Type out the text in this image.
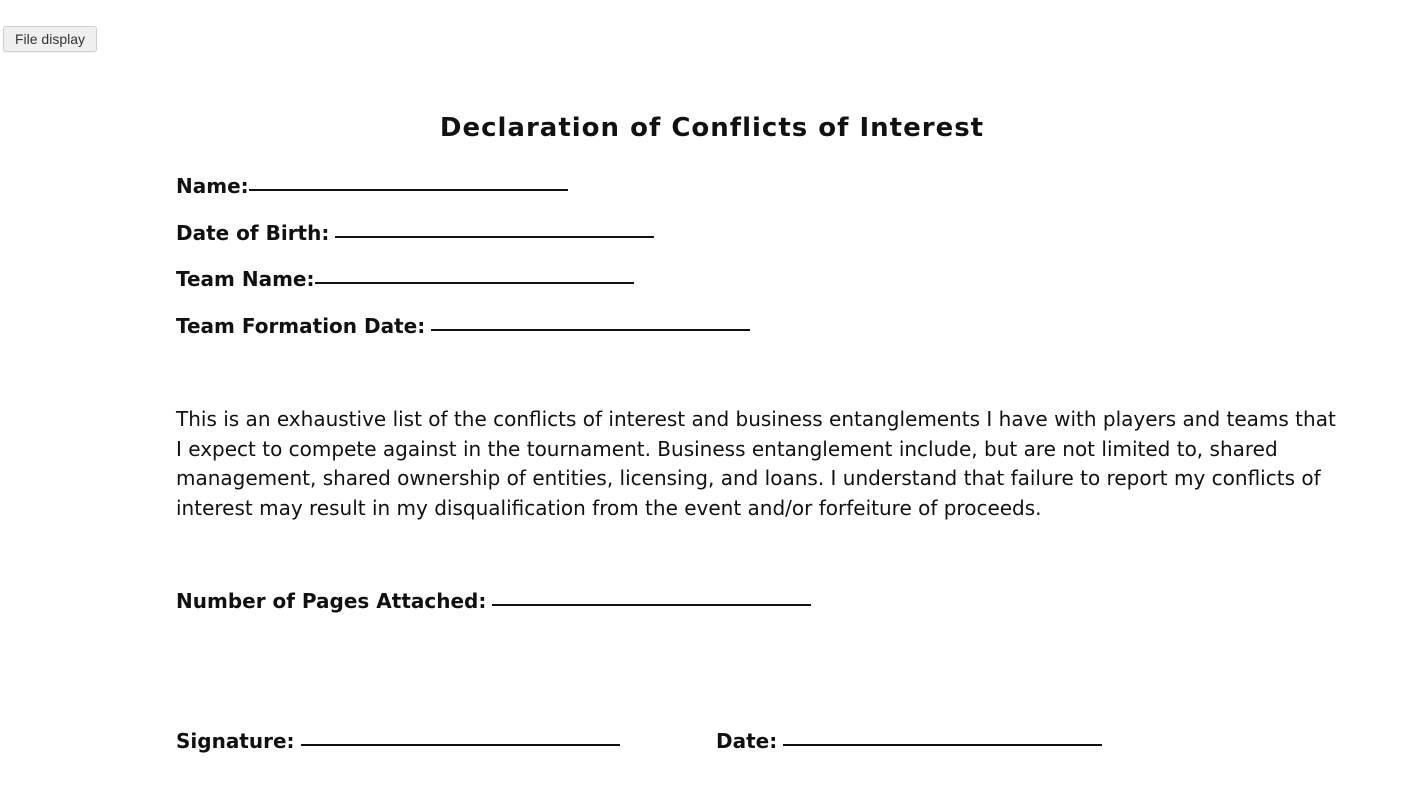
File display
Declaration of Conflicts of Interest
Name:
Date of Birth:
Team Name:
Team Formation Date:
This is an exhaustive list of the conflicts of interest and business entanglements I have with players and teams that
I expect to compete against in the tournament. Business entanglement include, but are not limited to, shared
management, shared ownership of entities, licensing, and loans. I understand that failure to report my conflicts of
interest may result in my disqualification from the event and/or forfeiture of proceeds.
Number of Pages Attached:
Signature:	Date:
